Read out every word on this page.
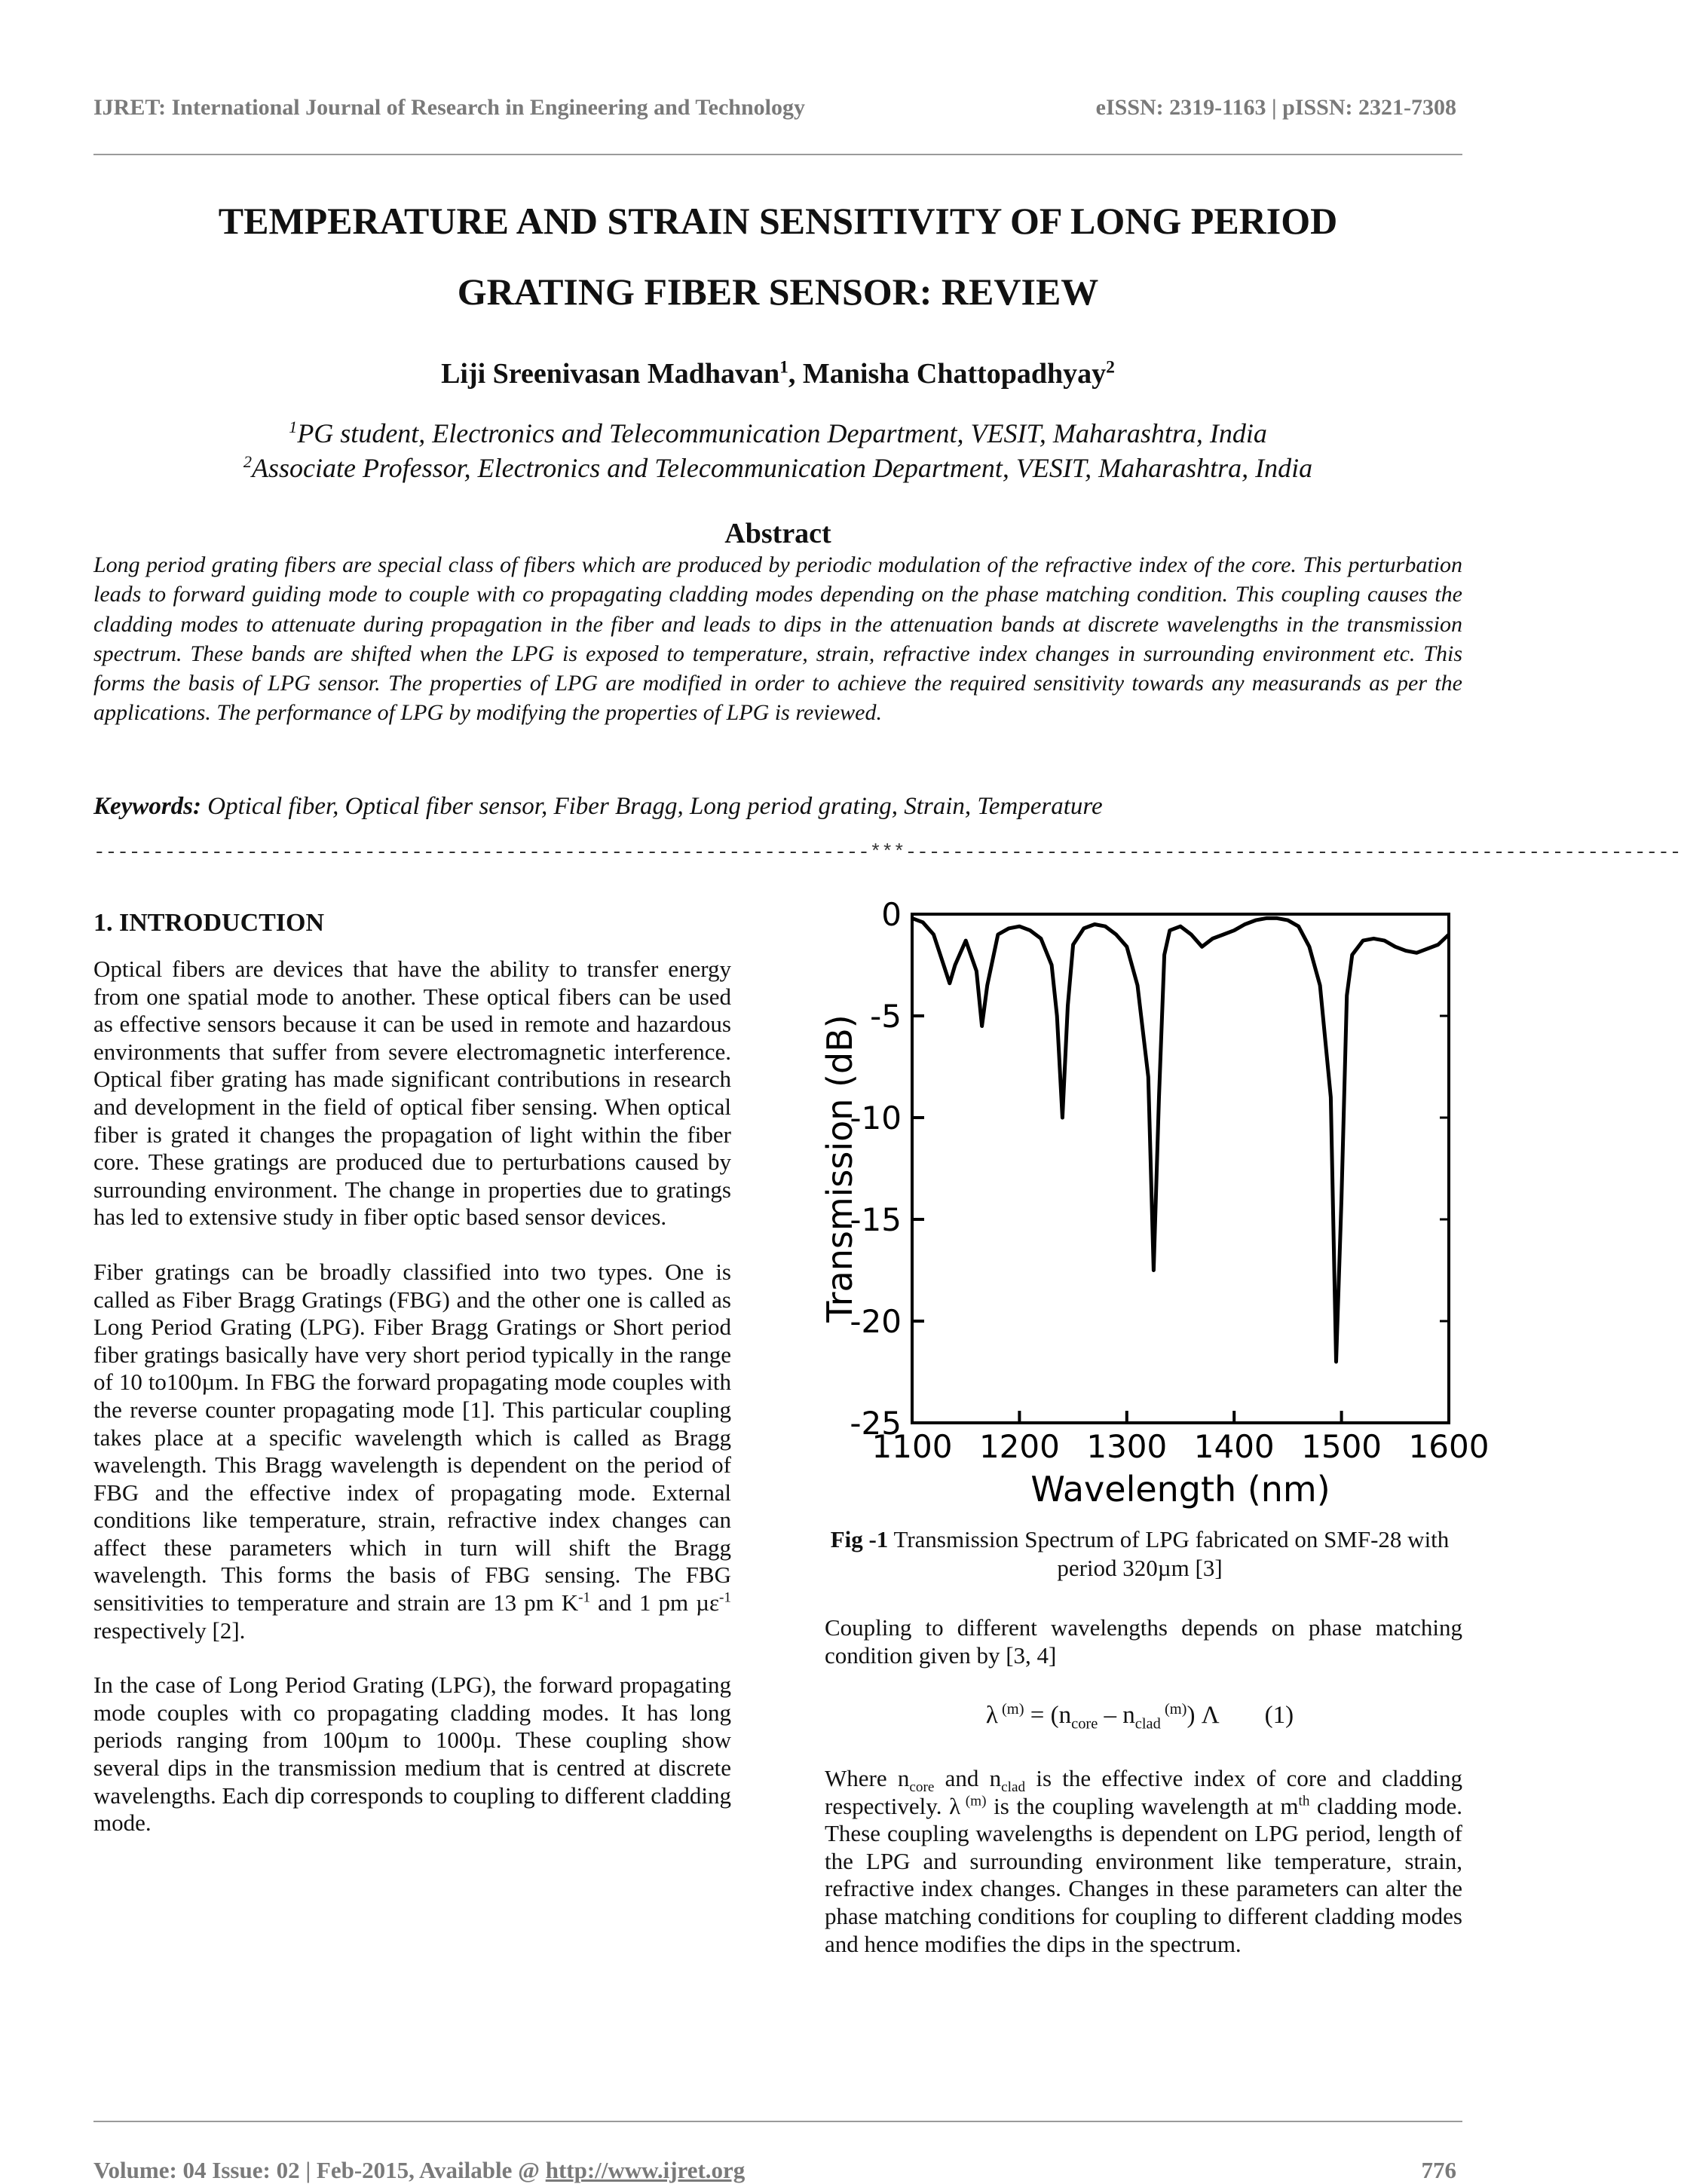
IJRET: International Journal of Research in Engineering and Technology	eISSN: 2319-1163 | pISSN: 2321-7308
TEMPERATURE AND STRAIN SENSITIVITY OF LONG PERIOD
GRATING FIBER SENSOR: REVIEW
Liji Sreenivasan Madhavan$^1$, Manisha Chattopadhyay$^2$
$^1$PG student, Electronics and Telecommunication Department, VESIT, Maharashtra, India
$^2$Associate Professor, Electronics and Telecommunication Department, VESIT, Maharashtra, India
Abstract

Long period grating fibers are special class of fibers which are produced by periodic modulation of the refractive index of the core. This perturbation leads to forward guiding mode to couple with co propagating cladding modes depending on the phase matching condition. This coupling causes the cladding modes to attenuate during propagation in the fiber and leads to dips in the attenuation bands at discrete wavelengths in the transmission spectrum. These bands are shifted when the LPG is exposed to temperature, strain, refractive index changes in surrounding environment etc. This forms the basis of LPG sensor. The properties of LPG are modified in order to achieve the required sensitivity towards any measurands as per the applications. The performance of LPG by modifying the properties of LPG is reviewed.

Keywords: Optical fiber, Optical fiber sensor, Fiber Bragg, Long period grating, Strain, Temperature
------------------------------------------------------------------***------------------------------------------------------------------
1. INTRODUCTION

Optical fibers are devices that have the ability to transfer energy from one spatial mode to another. These optical fibers can be used as effective sensors because it can be used in remote and hazardous environments that suffer from severe electromagnetic interference. Optical fiber grating has made significant contributions in research and development in the field of optical fiber sensing. When optical fiber is grated it changes the propagation of light within the fiber core. These gratings are produced due to perturbations caused by surrounding environment. The change in properties due to gratings has led to extensive study in fiber optic based sensor devices.

Fiber gratings can be broadly classified into two types. One is called as Fiber Bragg Gratings (FBG) and the other one is called as Long Period Grating (LPG). Fiber Bragg Gratings or Short period fiber gratings basically have very short period typically in the range of 10 to100µm. In FBG the forward propagating mode couples with the reverse counter propagating mode [1]. This particular coupling takes place at a specific wavelength which is called as Bragg wavelength. This Bragg wavelength is dependent on the period of FBG and the effective index of propagating mode. External conditions like temperature, strain, refractive index changes can affect these parameters which in turn will shift the Bragg wavelength. This forms the basis of FBG sensing. The FBG sensitivities to temperature and strain are 13 pm $K^{-1}$ and 1 pm µε$^{-1}$ respectively [2].

In the case of Long Period Grating (LPG), the forward propagating mode couples with co propagating cladding modes. It has long periods ranging from 100µm to 1000µ. These coupling show several dips in the transmission medium that is centred at discrete wavelengths. Each dip corresponds to coupling to different cladding mode.

1100 1200 1300 1400 1500 1600
0
-5
-10
-15
-20
-25
Wavelength (nm)
Transmission (dB)
Fig -1 Transmission Spectrum of LPG fabricated on SMF-28 with period 320µm [3]

Coupling to different wavelengths depends on phase matching condition given by [3, 4]

λ $^{(m)} = (n_{core} - n_{clad}$ $^{(m)}$) Λ (1)

Where $n_{core}$ and $n_{clad}$ is the effective index of core and cladding respectively. λ $^{(m)}$ is the coupling wavelength at $m^{th}$ cladding mode. These coupling wavelengths is dependent on LPG period, length of the LPG and surrounding environment like temperature, strain, refractive index changes. Changes in these parameters can alter the phase matching conditions for coupling to different cladding modes and hence modifies the dips in the spectrum.

Volume: 04 Issue: 02 | Feb-2015, Available @ http://www.ijret.org	776
